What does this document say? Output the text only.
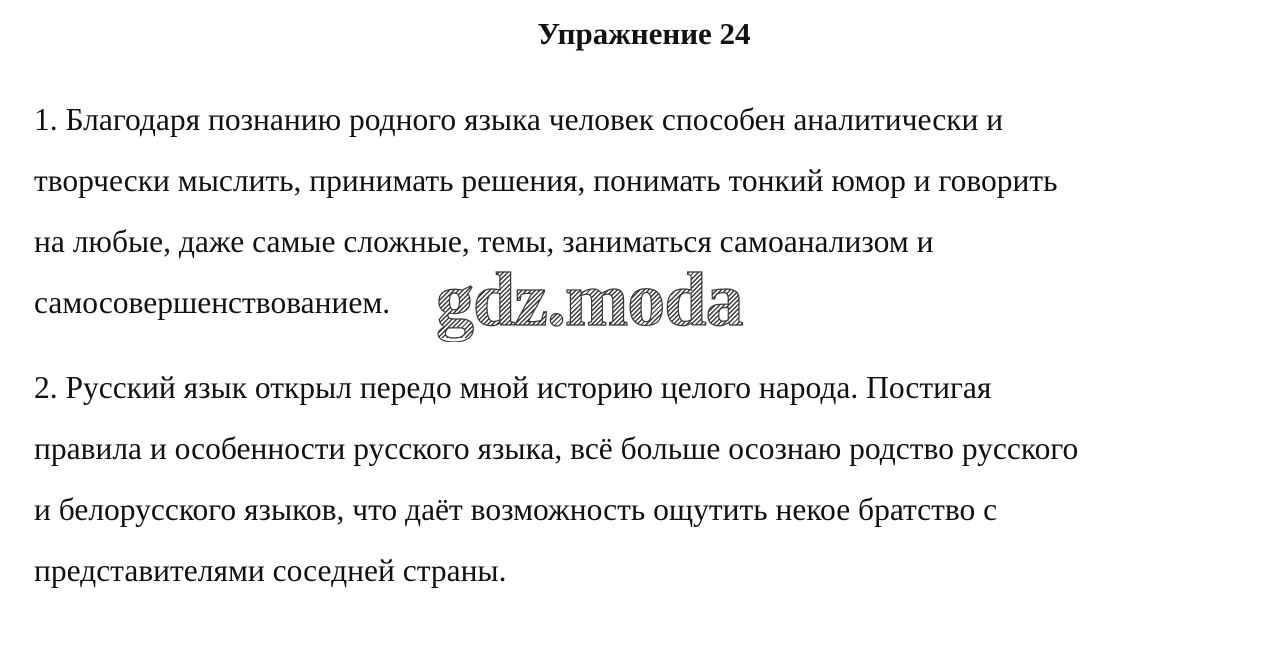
Упражнение 24

1. Благодаря познанию родного языка человек способен аналитически и
творчески мыслить, принимать решения, понимать тонкий юмор и говорить
на любые, даже самые сложные, темы, заниматься самоанализом и
самосовершенствованием.

2. Русский язык открыл передо мной историю целого народа. Постигая
правила и особенности русского языка, всё больше осознаю родство русского
и белорусского языков, что даёт возможность ощутить некое братство с
представителями соседней страны.

gdz.moda
